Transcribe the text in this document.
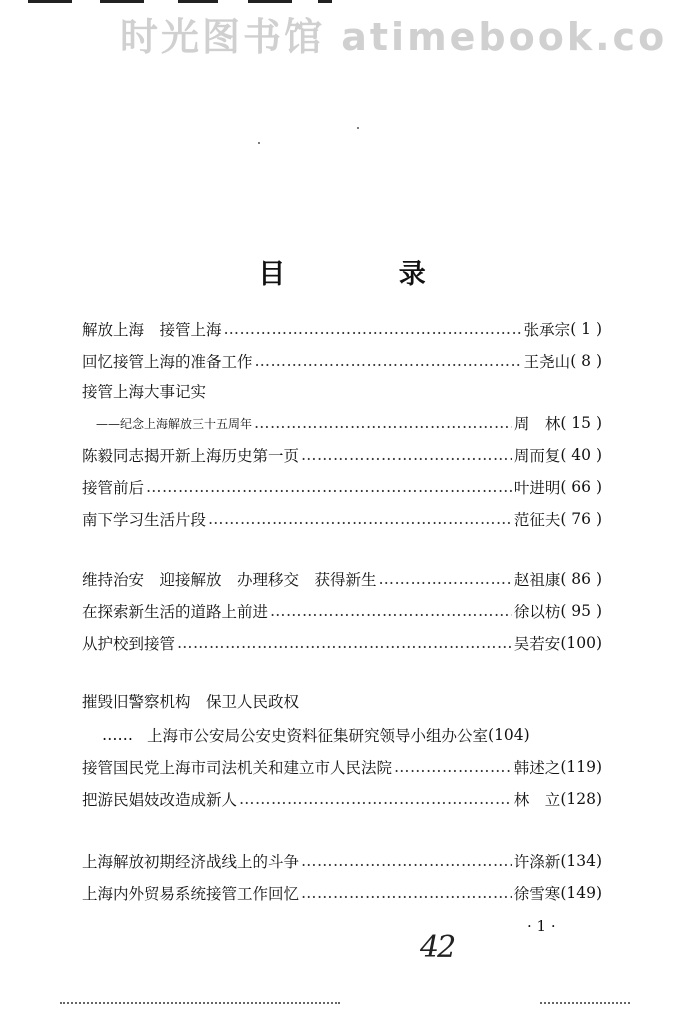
时光图书馆 atimebook.co
目 录
解放上海　接管上海 ……………………………………………………………………………………………………	张承宗 ( 1 )
回忆接管上海的准备工作 ……………………………………………………………………………………………………	王尧山 ( 8 )
接管上海大事记实
——纪念上海解放三十五周年 ……………………………………………………………………………………………………	周　林 ( 15 )
陈毅同志揭开新上海历史第一页 ……………………………………………………………………………………………………	周而复 ( 40 )
接管前后 ……………………………………………………………………………………………………	叶进明 ( 66 )
南下学习生活片段 ……………………………………………………………………………………………………	范征夫 ( 76 )
维持治安　迎接解放　办理移交　获得新生 ……………………………………………………………………………………………………	赵祖康 ( 86 )
在探索新生活的道路上前进 ……………………………………………………………………………………………………	徐以枋 ( 95 )
从护校到接管 ……………………………………………………………………………………………………	吴若安 (100)
摧毁旧警察机构　保卫人民政权
…… 上海市公安局公安史资料征集研究领导小组办公室 (104)
接管国民党上海市司法机关和建立市人民法院 ……………………………………………………………………………………………………	韩述之 (119)
把游民娼妓改造成新人 ……………………………………………………………………………………………………	林　立 (128)
上海解放初期经济战线上的斗争 ……………………………………………………………………………………………………	许涤新 (134)
上海内外贸易系统接管工作回忆 ……………………………………………………………………………………………………	徐雪寒 (149)
· 1 ·
42
